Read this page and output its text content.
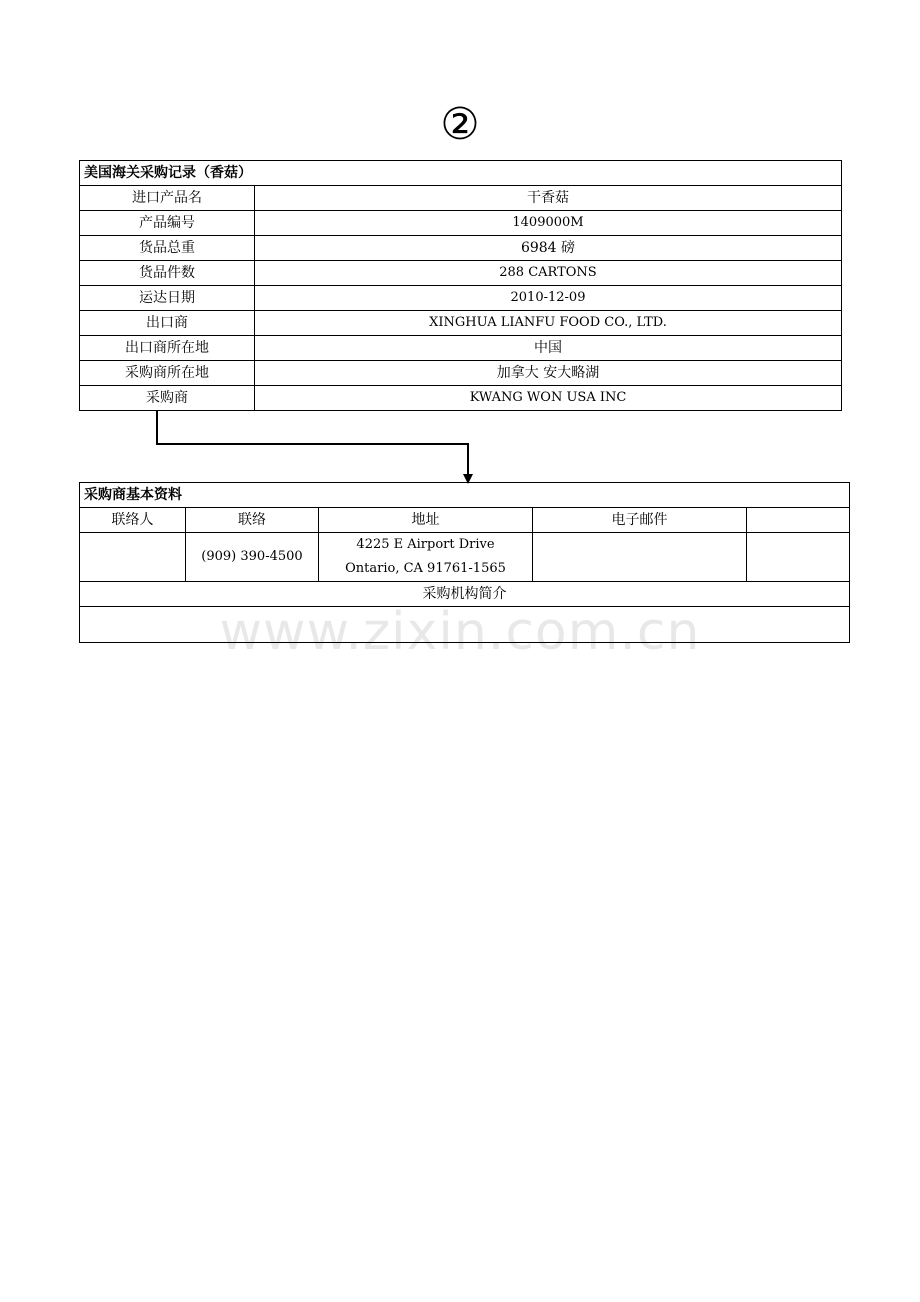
②
美国海关采购记录（香菇）	
进口产品名	干香菇
产品编号	1409000M
货品总重	6984 磅
货品件数	288 CARTONS
运达日期	2010-12-09
出口商	XINGHUA LIANFU FOOD CO., LTD.
出口商所在地	中国
采购商所在地	加拿大 安大略湖
采购商	KWANG WON USA INC
采购商基本资料				
联络人	联络	地址	电子邮件	
	(909) 390-4500	4225 E Airport Drive
Ontario, CA 91761-1565		

采购机构简介				

www.zixin.com.cn
